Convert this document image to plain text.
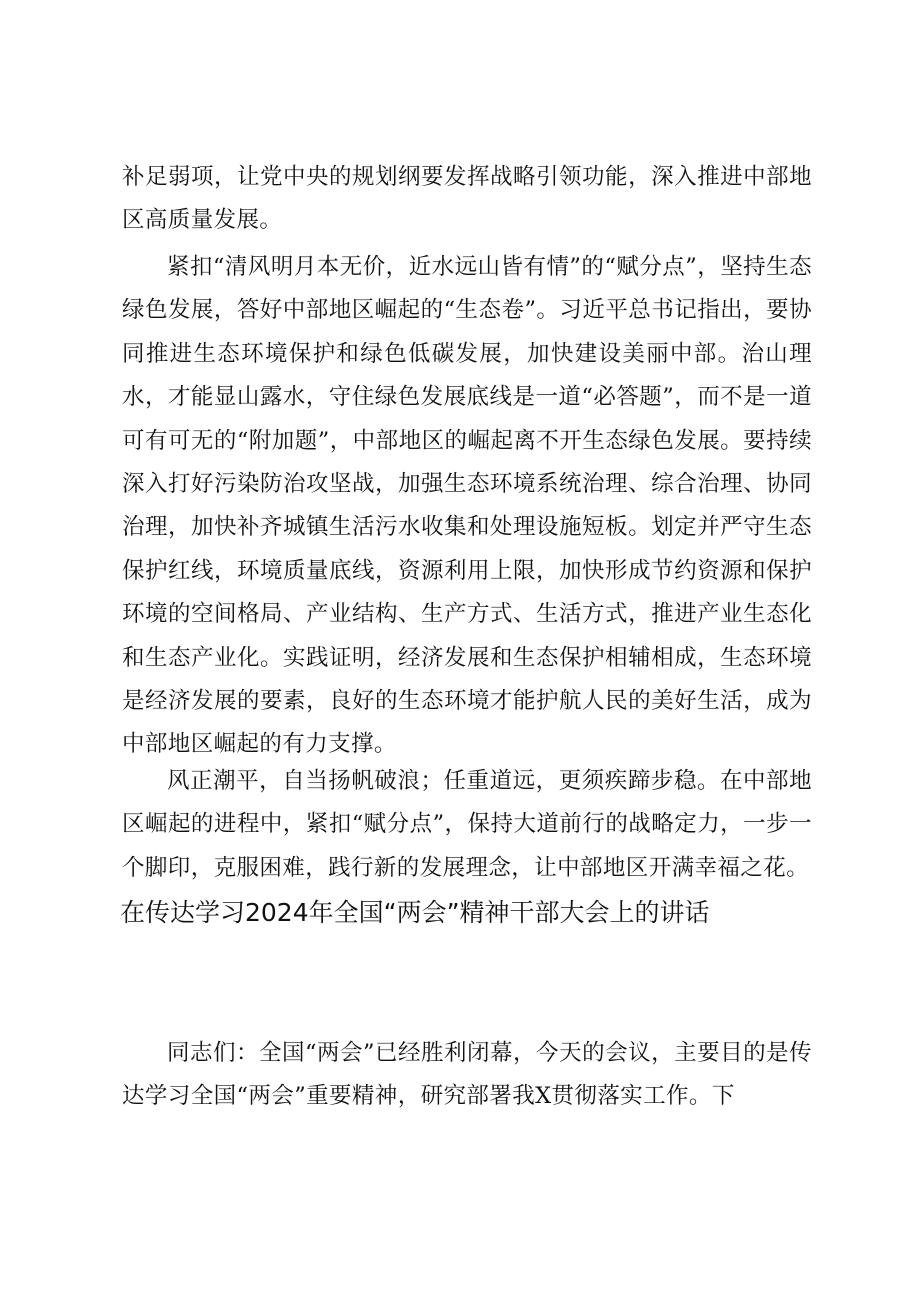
补足弱项，让党中央的规划纲要发挥战略引领功能，深入推进中部地区高质量发展。

紧扣“清风明月本无价，近水远山皆有情”的“赋分点”，坚持生态绿色发展，答好中部地区崛起的“生态卷”。习近平总书记指出，要协同推进生态环境保护和绿色低碳发展，加快建设美丽中部。治山理水，才能显山露水，守住绿色发展底线是一道“必答题”，而不是一道可有可无的“附加题”，中部地区的崛起离不开生态绿色发展。要持续深入打好污染防治攻坚战，加强生态环境系统治理、综合治理、协同治理，加快补齐城镇生活污水收集和处理设施短板。划定并严守生态保护红线，环境质量底线，资源利用上限，加快形成节约资源和保护环境的空间格局、产业结构、生产方式、生活方式，推进产业生态化和生态产业化。实践证明，经济发展和生态保护相辅相成，生态环境是经济发展的要素，良好的生态环境才能护航人民的美好生活，成为中部地区崛起的有力支撑。

风正潮平，自当扬帆破浪；任重道远，更须疾蹄步稳。在中部地区崛起的进程中，紧扣“赋分点”，保持大道前行的战略定力，一步一个脚印，克服困难，践行新的发展理念，让中部地区开满幸福之花。

在传达学习2024年全国“两会”精神干部大会上的讲话

同志们：全国“两会”已经胜利闭幕，今天的会议，主要目的是传达学习全国“两会”重要精神，研究部署我X贯彻落实工作。下
